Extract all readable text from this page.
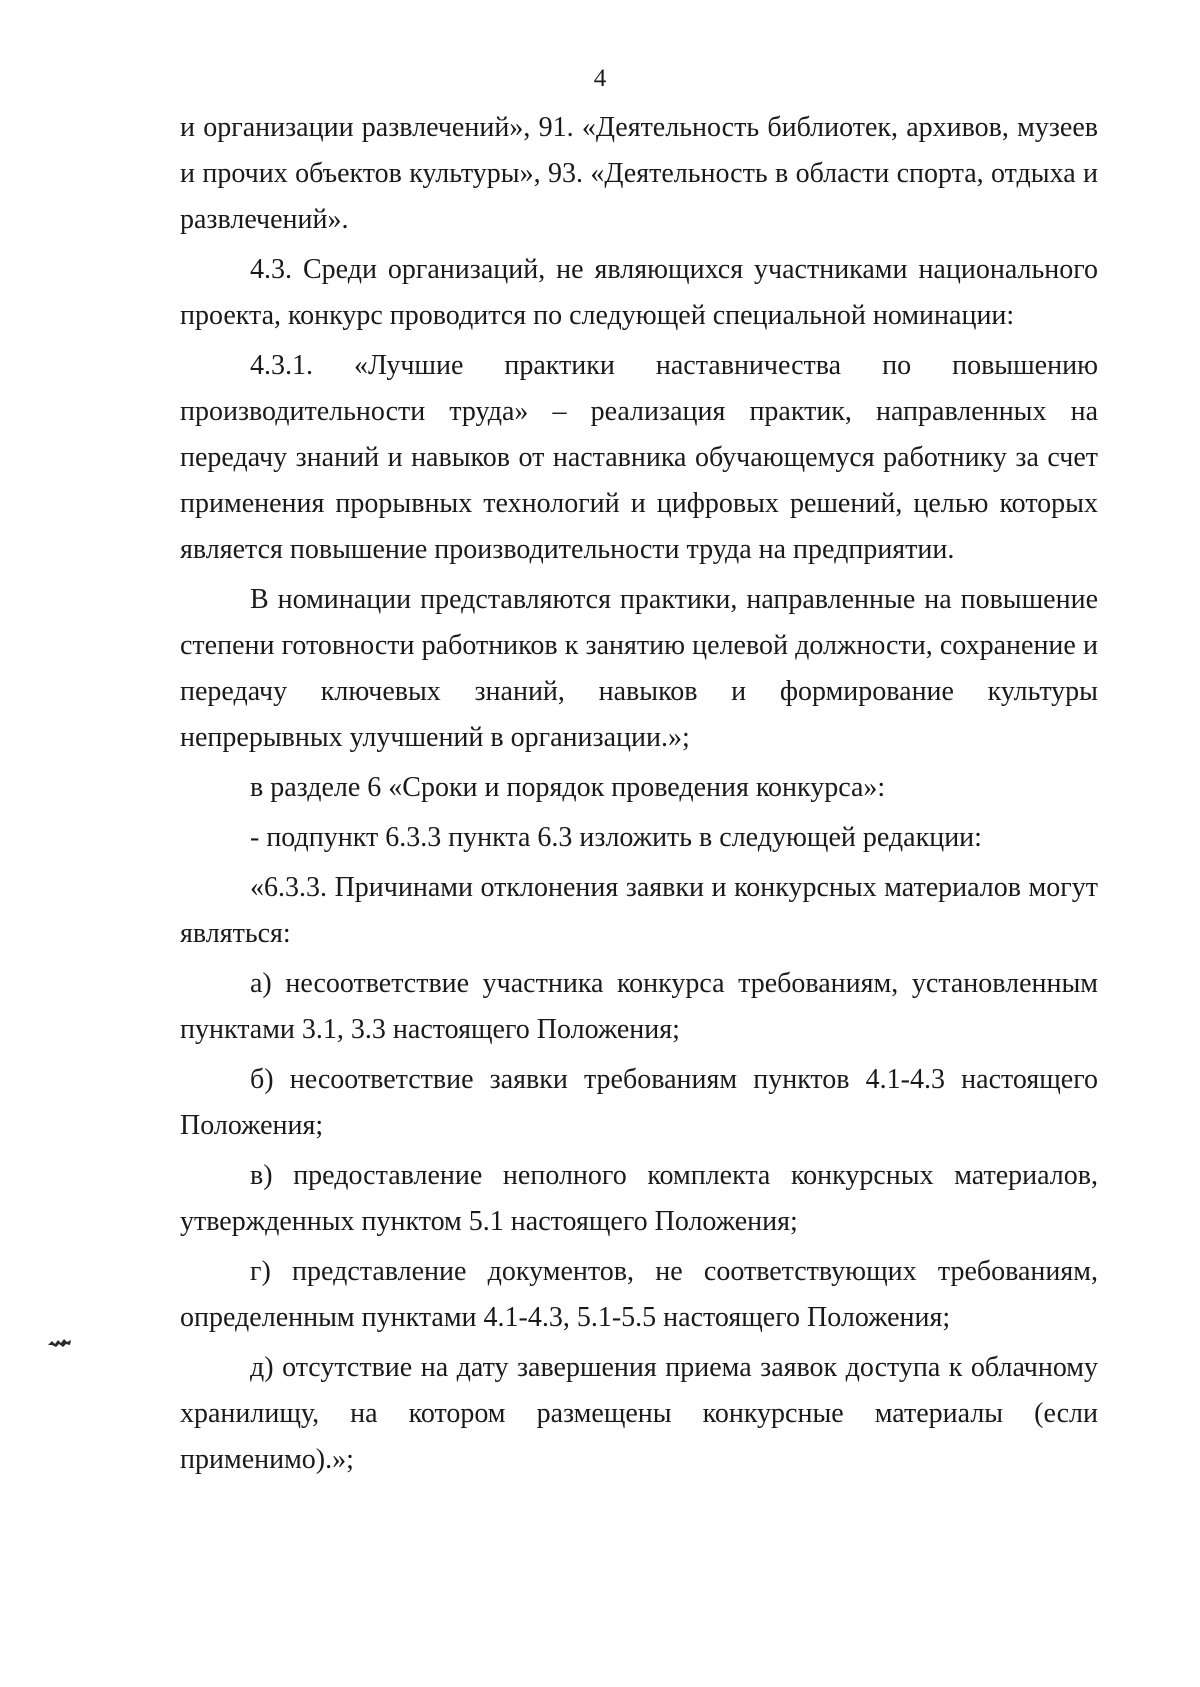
4

и организации развлечений», 91. «Деятельность библиотек, архивов, музеев и прочих объектов культуры», 93. «Деятельность в области спорта, отдыха и развлечений».

4.3. Среди организаций, не являющихся участниками национального проекта, конкурс проводится по следующей специальной номинации:

4.3.1. «Лучшие практики наставничества по повышению производительности труда» – реализация практик, направленных на передачу знаний и навыков от наставника обучающемуся работнику за счет применения прорывных технологий и цифровых решений, целью которых является повышение производительности труда на предприятии.

В номинации представляются практики, направленные на повышение степени готовности работников к занятию целевой должности, сохранение и передачу ключевых знаний, навыков и формирование культуры непрерывных улучшений в организации.»;

в разделе 6 «Сроки и порядок проведения конкурса»:

- подпункт 6.3.3 пункта 6.3 изложить в следующей редакции:

«6.3.3. Причинами отклонения заявки и конкурсных материалов могут являться:

а) несоответствие участника конкурса требованиям, установленным пунктами 3.1, 3.3 настоящего Положения;

б) несоответствие заявки требованиям пунктов 4.1-4.3 настоящего Положения;

в) предоставление неполного комплекта конкурсных материалов, утвержденных пунктом 5.1 настоящего Положения;

г) представление документов, не соответствующих требованиям, определенным пунктами 4.1-4.3, 5.1-5.5 настоящего Положения;

д) отсутствие на дату завершения приема заявок доступа к облачному хранилищу, на котором размещены конкурсные материалы (если применимо).»;
